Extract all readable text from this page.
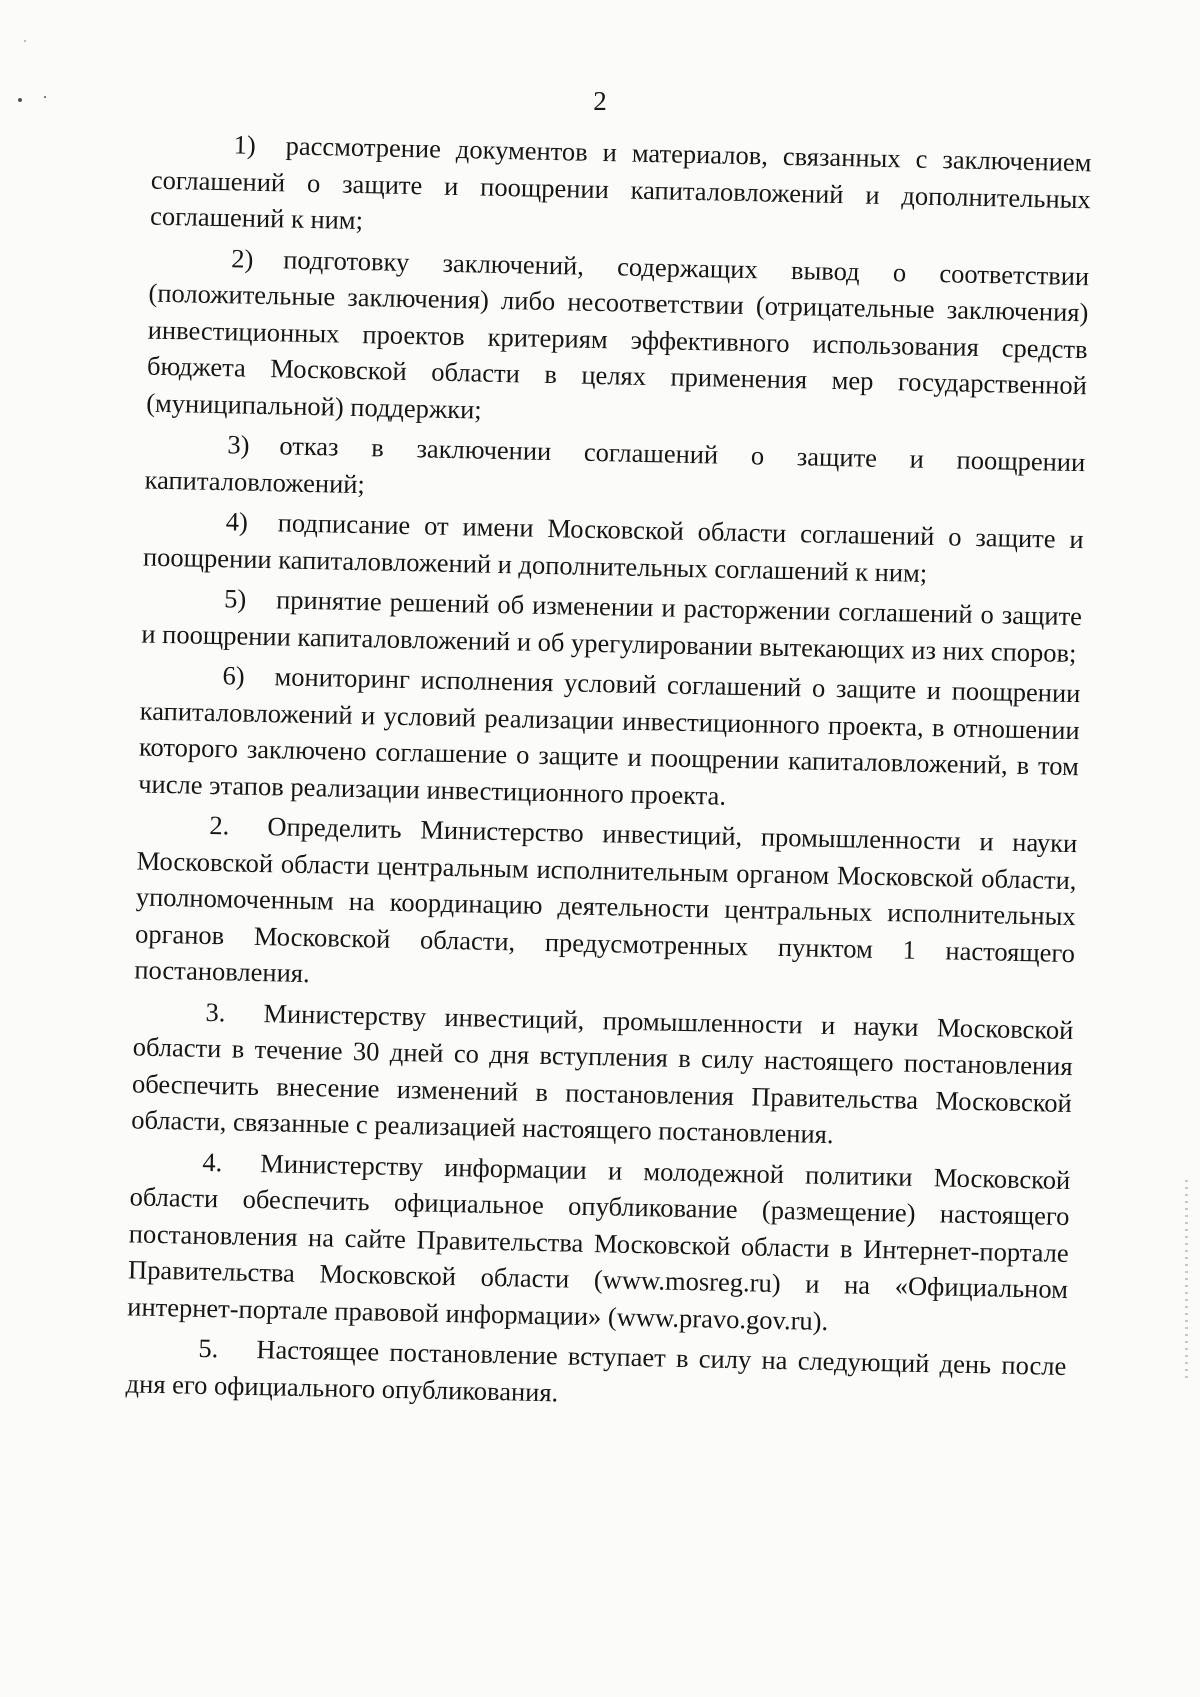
2

1) рассмотрение документов и материалов, связанных с заключением соглашений о защите и поощрении капиталовложений и дополнительных соглашений к ним;

2) подготовку заключений, содержащих вывод о соответствии (положительные заключения) либо несоответствии (отрицательные заключения) инвестиционных проектов критериям эффективного использования средств бюджета Московской области в целях применения мер государственной (муниципальной) поддержки;

3) отказ в заключении соглашений о защите и поощрении капиталовложений;

4) подписание от имени Московской области соглашений о защите и поощрении капиталовложений и дополнительных соглашений к ним;

5) принятие решений об изменении и расторжении соглашений о защите и поощрении капиталовложений и об урегулировании вытекающих из них споров;

6) мониторинг исполнения условий соглашений о защите и поощрении капиталовложений и условий реализации инвестиционного проекта, в отношении которого заключено соглашение о защите и поощрении капиталовложений, в том числе этапов реализации инвестиционного проекта.

2. Определить Министерство инвестиций, промышленности и науки Московской области центральным исполнительным органом Московской области, уполномоченным на координацию деятельности центральных исполнительных органов Московской области, предусмотренных пунктом 1 настоящего постановления.

3. Министерству инвестиций, промышленности и науки Московской области в течение 30 дней со дня вступления в силу настоящего постановления обеспечить внесение изменений в постановления Правительства Московской области, связанные с реализацией настоящего постановления.

4. Министерству информации и молодежной политики Московской области обеспечить официальное опубликование (размещение) настоящего постановления на сайте Правительства Московской области в Интернет-портале Правительства Московской области (www.mosreg.ru) и на «Официальном интернет-портале правовой информации» (www.pravo.gov.ru).

5. Настоящее постановление вступает в силу на следующий день после дня его официального опубликования.
